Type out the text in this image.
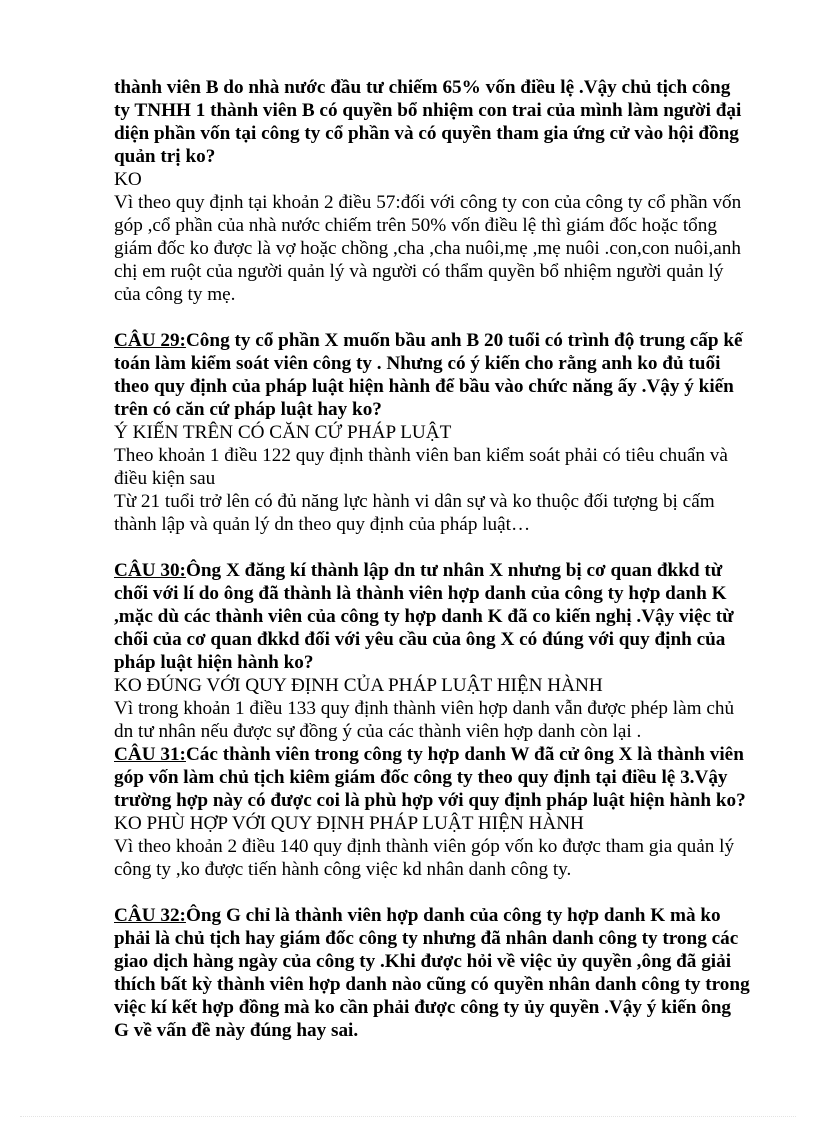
thành viên B do nhà nước đầu tư chiếm 65% vốn điều lệ .Vậy chủ tịch công ty TNHH 1 thành viên B có quyền bổ nhiệm con trai của mình làm người đại diện phần vốn tại công ty cổ phần và có quyền tham gia ứng cử vào hội đồng quản trị ko?

KO

Vì theo quy định tại khoản 2 điều 57:đối với công ty con của công ty cổ phần vốn góp ,cổ phần của nhà nước chiếm trên 50% vốn điều lệ thì giám đốc hoặc tổng giám đốc ko được là vợ hoặc chồng ,cha ,cha nuôi,mẹ ,mẹ nuôi .con,con nuôi,anh chị em ruột của người quản lý và người có thẩm quyền bổ nhiệm người quản lý của công ty mẹ.

CÂU 29:Công ty cổ phần X muốn bầu anh B 20 tuổi có trình độ trung cấp kế toán làm kiểm soát viên công ty . Nhưng có ý kiến cho rằng anh ko đủ tuổi theo quy định của pháp luật hiện hành để bầu vào chức năng ấy .Vậy ý kiến trên có căn cứ pháp luật hay ko?

Ý KIẾN TRÊN CÓ CĂN CỨ PHÁP LUẬT

Theo khoản 1 điều 122 quy định thành viên ban kiểm soát phải có tiêu chuẩn và điều kiện sau

Từ 21 tuổi trở lên có đủ năng lực hành vi dân sự và ko thuộc đối tượng bị cấm thành lập và quản lý dn theo quy định của pháp luật…

CÂU 30:Ông X đăng kí thành lập dn tư nhân X nhưng bị cơ quan đkkd từ chối với lí do ông đã thành là thành viên hợp danh của công ty hợp danh K ,mặc dù các thành viên của công ty hợp danh K đã co kiến nghị .Vậy việc từ chối của cơ quan đkkd đối với yêu cầu của ông X có đúng với quy định của pháp luật hiện hành ko?

KO ĐÚNG VỚI QUY ĐỊNH CỦA PHÁP LUẬT HIỆN HÀNH

Vì trong khoản 1 điều 133 quy định thành viên hợp danh vẫn được phép làm chủ dn tư nhân nếu được sự đồng ý của các thành viên hợp danh còn lại .

CÂU 31:Các thành viên trong công ty hợp danh W đã cử ông X là thành viên góp vốn làm chủ tịch kiêm giám đốc công ty theo quy định tại điều lệ 3.Vậy trường hợp này có được coi là phù hợp với quy định pháp luật hiện hành ko?

KO PHÙ HỢP VỚI QUY ĐỊNH PHÁP LUẬT HIỆN HÀNH

Vì theo khoản 2 điều 140 quy định thành viên góp vốn ko được tham gia quản lý công ty ,ko được tiến hành công việc kd nhân danh công ty.

CÂU 32:Ông G chỉ là thành viên hợp danh của công ty hợp danh K mà ko phải là chủ tịch hay giám đốc công ty nhưng đã nhân danh công ty trong các giao dịch hàng ngày của công ty .Khi được hỏi về việc ủy quyền ,ông đã giải thích bất kỳ thành viên hợp danh nào cũng có quyền nhân danh công ty trong việc kí kết hợp đồng mà ko cần phải được công ty ủy quyền .Vậy ý kiến ông G về vấn đề này đúng hay sai.
